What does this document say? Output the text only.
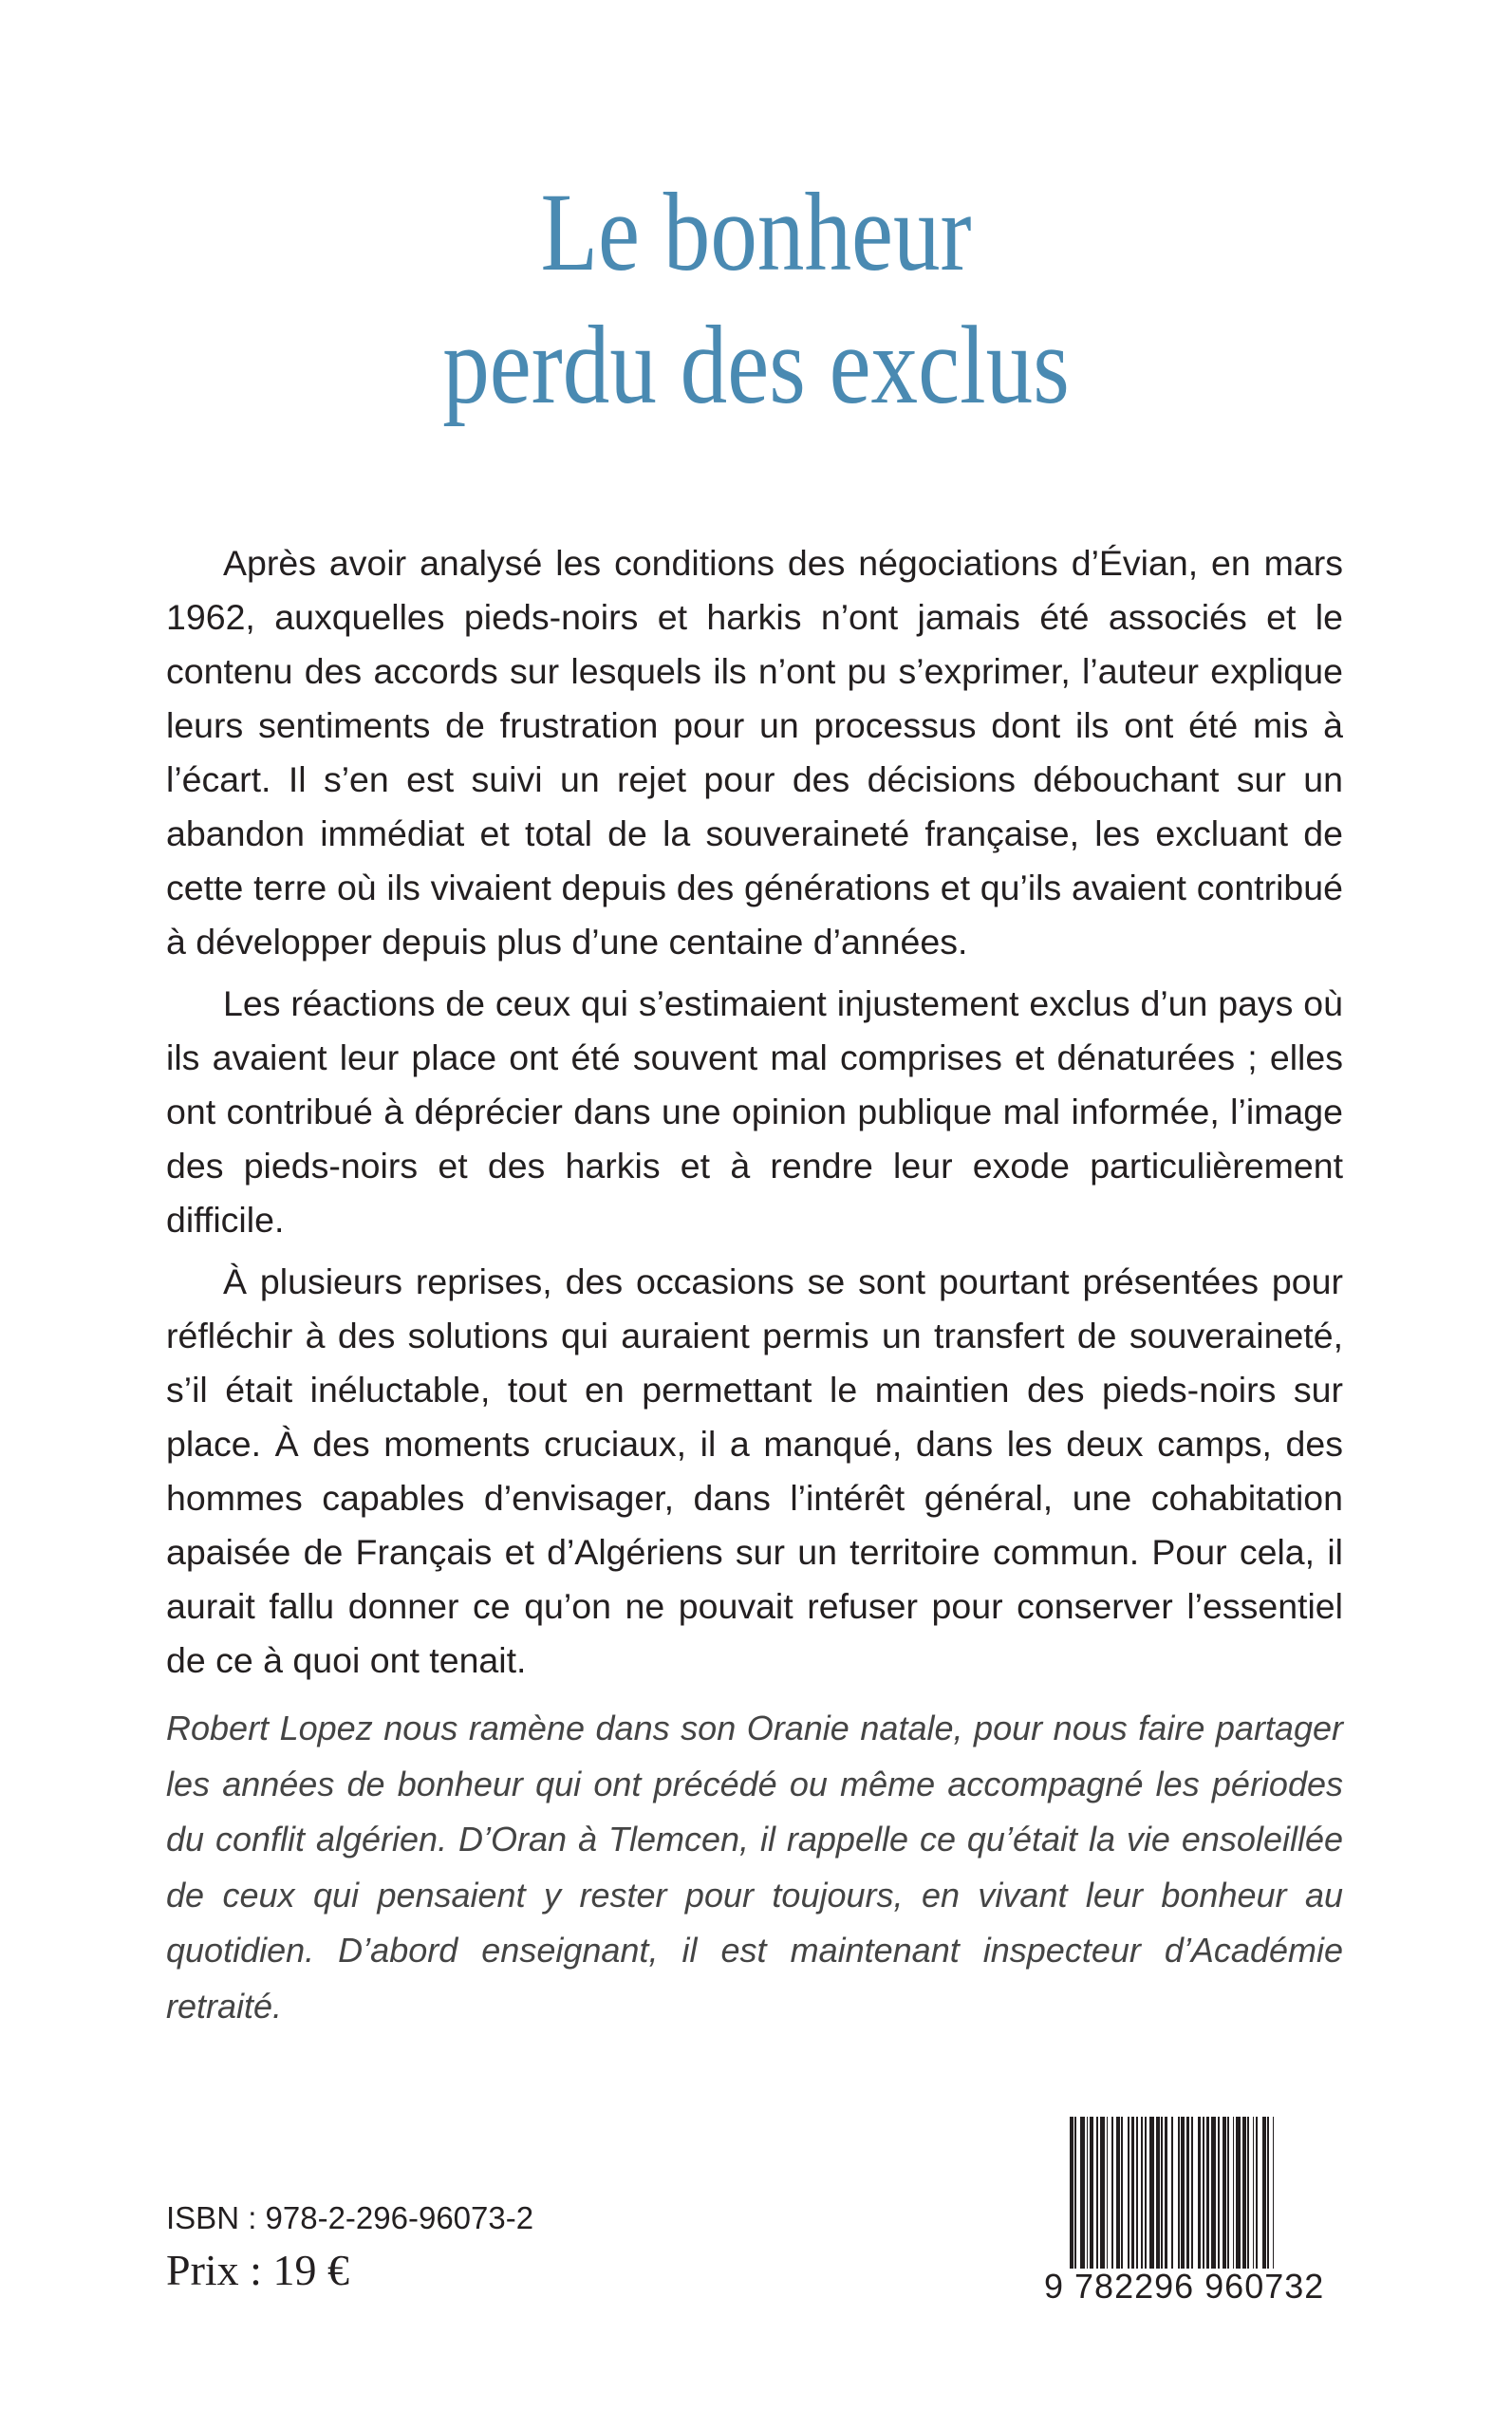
Le bonheur
perdu des exclus

Après avoir analysé les conditions des négociations d’Évian, en mars 1962, auxquelles pieds-noirs et harkis n’ont jamais été associés et le contenu des accords sur lesquels ils n’ont pu s’exprimer, l’auteur explique leurs sentiments de frustration pour un processus dont ils ont été mis à l’écart. Il s’en est suivi un rejet pour des décisions débouchant sur un abandon immédiat et total de la souveraineté française, les excluant de cette terre où ils vivaient depuis des générations et qu’ils avaient contribué à développer depuis plus d’une centaine d’années.

Les réactions de ceux qui s’estimaient injustement exclus d’un pays où ils avaient leur place ont été souvent mal comprises et dénaturées ; elles ont contribué à déprécier dans une opinion publique mal informée, l’image des pieds-noirs et des harkis et à rendre leur exode particulièrement difficile.

À plusieurs reprises, des occasions se sont pourtant présentées pour réfléchir à des solutions qui auraient permis un transfert de souveraineté, s’il était inéluctable, tout en permettant le maintien des pieds-noirs sur place. À des moments cruciaux, il a manqué, dans les deux camps, des hommes capables d’envisager, dans l’intérêt général, une cohabitation apaisée de Français et d’Algériens sur un territoire commun. Pour cela, il aurait fallu donner ce qu’on ne pouvait refuser pour conserver l’essentiel de ce à quoi ont tenait.

Robert Lopez nous ramène dans son Oranie natale, pour nous faire partager les années de bonheur qui ont précédé ou même accompagné les périodes du conflit algérien. D’Oran à Tlemcen, il rappelle ce qu’était la vie ensoleillée de ceux qui pensaient y rester pour toujours, en vivant leur bonheur au quotidien. D’abord enseignant, il est maintenant inspecteur d’Académie retraité.
ISBN : 978-2-296-96073-2
Prix : 19 €	9 782296 960732
